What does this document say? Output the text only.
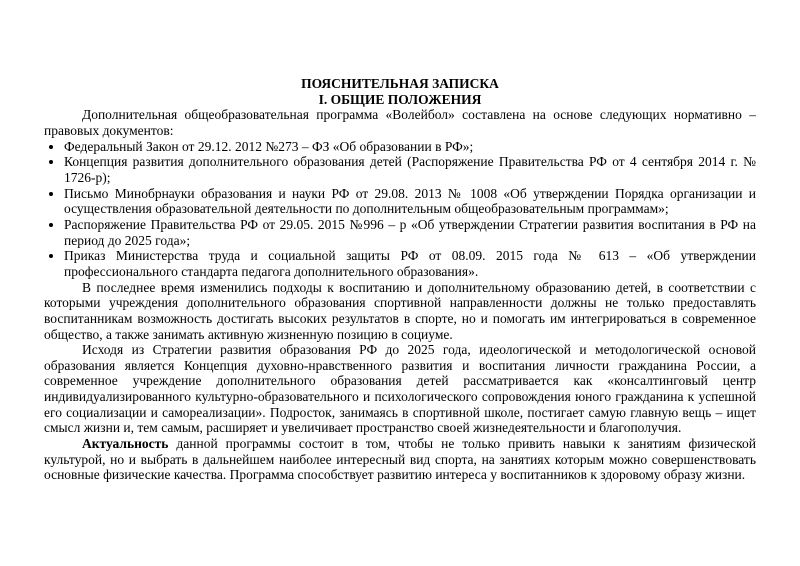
ПОЯСНИТЕЛЬНАЯ ЗАПИСКА
I. ОБЩИЕ ПОЛОЖЕНИЯ

Дополнительная общеобразовательная программа «Волейбол» составлена на основе следующих нормативно – правовых документов:

• Федеральный Закон от 29.12. 2012 №273 – ФЗ «Об образовании в РФ»;
• Концепция развития дополнительного образования детей (Распоряжение Правительства РФ от 4 сентября 2014 г. № 1726-р);
• Письмо Минобрнауки образования и науки РФ от 29.08. 2013 № 1008 «Об утверждении Порядка организации и осуществления образовательной деятельности по дополнительным общеобразовательным программам»;
• Распоряжение Правительства РФ от 29.05. 2015 №996 – р «Об утверждении Стратегии развития воспитания в РФ на период до 2025 года»;
• Приказ Министерства труда и социальной защиты РФ от 08.09. 2015 года № 613 – «Об утверждении профессионального стандарта педагога дополнительного образования».

В последнее время изменились подходы к воспитанию и дополнительному образованию детей, в соответствии с которыми учреждения дополнительного образования спортивной направленности должны не только предоставлять воспитанникам возможность достигать высоких результатов в спорте, но и помогать им интегрироваться в современное общество, а также занимать активную жизненную позицию в социуме.

Исходя из Стратегии развития образования РФ до 2025 года, идеологической и методологической основой образования является Концепция духовно-нравственного развития и воспитания личности гражданина России, а современное учреждение дополнительного образования детей рассматривается как «консалтинговый центр индивидуализированного культурно-образовательного и психологического сопровождения юного гражданина к успешной его социализации и самореализации». Подросток, занимаясь в спортивной школе, постигает самую главную вещь – ищет смысл жизни и, тем самым, расширяет и увеличивает пространство своей жизнедеятельности и благополучия.

Актуальность данной программы состоит в том, чтобы не только привить навыки к занятиям физической культурой, но и выбрать в дальнейшем наиболее интересный вид спорта, на занятиях которым можно совершенствовать основные физические качества. Программа способствует развитию интереса у воспитанников к здоровому образу жизни.
